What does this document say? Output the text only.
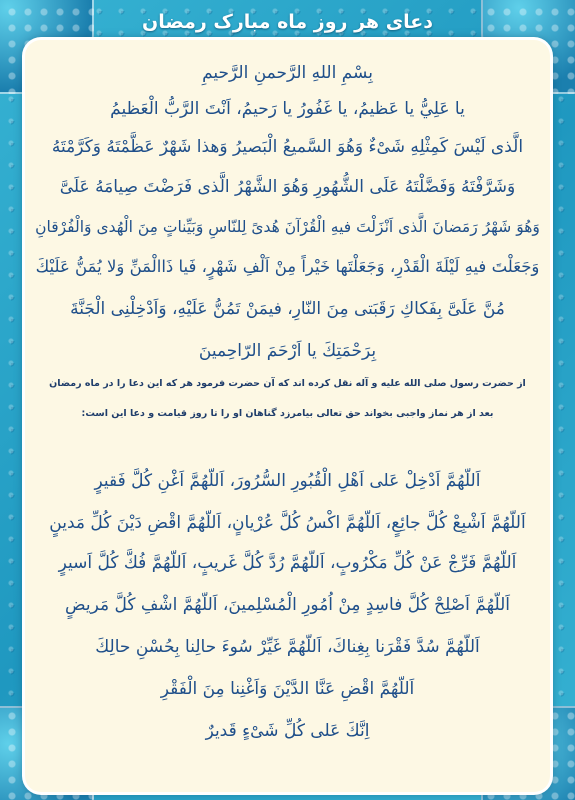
دعای هر روز ماه مبارک رمضان
بِسْمِ اللهِ الرَّحمنِ الرَّحيمِ
يا عَلِيُّ يا عَظيمُ، يا غَفُورُ يا رَحيمُ، اَنْتَ الرَّبُّ الْعَظيمُ
الَّذى لَيْسَ كَمِثْلِهِ شَىْءٌ وَهُوَ السَّميعُ الْبَصيرُ وَهذا شَهْرٌ عَظَّمْتَهُ وَكَرَّمْتَهُ
وَشَرَّفْتَهُ وَفَضَّلْتَهُ عَلَى الشُّهُورِ وَهُوَ الشَّهْرُ الَّذى فَرَضْتَ صِيامَهُ عَلَىَّ
وَهُوَ شَهْرُ رَمَضانَ الَّذى اَنْزَلْتَ فيهِ الْقُرْآنَ هُدىً لِلنّاسِ وَبَيِّناتٍ مِنَ الْهُدى وَالْفُرْقانِ
وَجَعَلْتَ فيهِ لَيْلَةَ الْقَدْرِ، وَجَعَلْتَها خَيْراً مِنْ اَلْفِ شَهْرٍ، فَيا ذَاالْمَنِّ وَلا يُمَنُّ عَلَيْكَ
مُنَّ عَلَىَّ بِفَكاكِ رَقَبَتى مِنَ النّارِ، فيمَنْ تَمُنُّ عَلَيْهِ، وَاَدْخِلْنِى الْجَنَّةَ
بِرَحْمَتِكَ يا اَرْحَمَ الرّاحِمينَ
از حضرت رسول صلی الله علیه و آله نقل کرده اند که آن حضرت فرمود هر که این دعا را در ماه رمضان
بعد از هر نماز واجبی بخواند حق تعالی بیامرزد گناهان او را تا روز قیامت و دعا این است:
اَللّهُمَّ اَدْخِلْ عَلى اَهْلِ الْقُبُورِ السُّرُورَ، اَللّهُمَّ اَغْنِ كُلَّ فَقيرٍ
اَللّهُمَّ اَشْبِعْ كُلَّ جائِعٍ، اَللّهُمَّ اكْسُ كُلَّ عُرْيانٍ، اَللّهُمَّ اقْضِ دَيْنَ كُلِّ مَدينٍ
اَللّهُمَّ فَرِّجْ عَنْ كُلِّ مَكْرُوبٍ، اَللّهُمَّ رُدَّ كُلَّ غَريبٍ، اَللّهُمَّ فُكَّ كُلَّ اَسيرٍ
اَللّهُمَّ اَصْلِحْ كُلَّ فاسِدٍ مِنْ اُمُورِ الْمُسْلِمينَ، اَللّهُمَّ اشْفِ كُلَّ مَريضٍ
اَللّهُمَّ سُدَّ فَقْرَنا بِغِناكَ، اَللّهُمَّ غَيِّرْ سُوءَ حالِنا بِحُسْنِ حالِكَ
اَللّهُمَّ اقْضِ عَنَّا الدَّيْنَ وَاَغْنِنا مِنَ الْفَقْرِ
اِنَّكَ عَلى كُلِّ شَىْءٍ قَديرٌ
